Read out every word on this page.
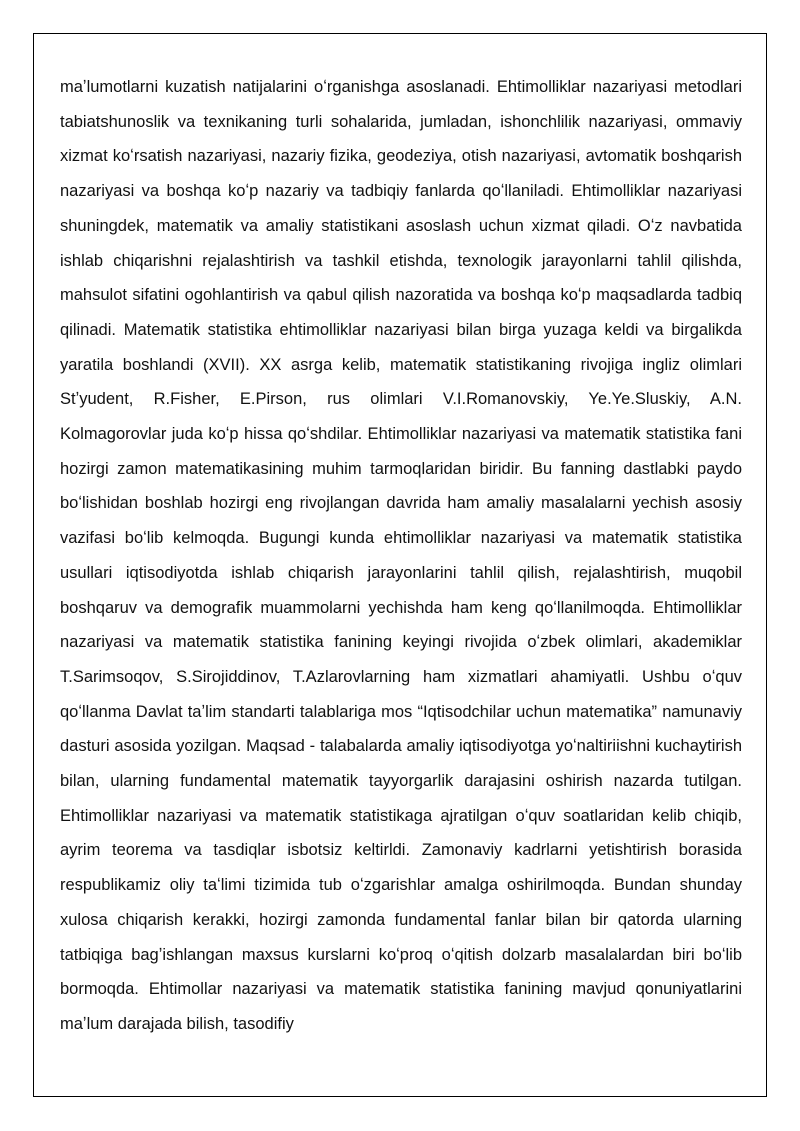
maʼlumotlarni kuzatish natijalarini oʻrganishga asoslanadi. Ehtimolliklar nazariyasi metodlari tabiatshunoslik va texnikaning turli sohalarida, jumladan, ishonchlilik nazariyasi, ommaviy xizmat koʻrsatish nazariyasi, nazariy fizika, geodeziya, otish nazariyasi, avtomatik boshqarish nazariyasi va boshqa koʻp nazariy va tadbiqiy fanlarda qoʻllaniladi. Ehtimolliklar nazariyasi shuningdek, matematik va amaliy statistikani asoslash uchun xizmat qiladi. Oʻz navbatida ishlab chiqarishni rejalashtirish va tashkil etishda, texnologik jarayonlarni tahlil qilishda, mahsulot sifatini ogohlantirish va qabul qilish nazoratida va boshqa koʻp maqsadlarda tadbiq qilinadi. Matematik statistika ehtimolliklar nazariyasi bilan birga yuzaga keldi va birgalikda yaratila boshlandi (XVII). XX asrga kelib, matematik statistikaning rivojiga ingliz olimlari Stʼyudent, R.Fisher, E.Pirson, rus olimlari V.I.Romanovskiy, Ye.Ye.Sluskiy, A.N. Kolmagorovlar juda koʻp hissa qoʻshdilar. Ehtimolliklar nazariyasi va matematik statistika fani hozirgi zamon matematikasining muhim tarmoqlaridan biridir. Bu fanning dastlabki paydo boʻlishidan boshlab hozirgi eng rivojlangan davrida ham amaliy masalalarni yechish asosiy vazifasi boʻlib kelmoqda. Bugungi kunda ehtimolliklar nazariyasi va matematik statistika usullari iqtisodiyotda ishlab chiqarish jarayonlarini tahlil qilish, rejalashtirish, muqobil boshqaruv va demografik muammolarni yechishda ham keng qoʻllanilmoqda. Ehtimolliklar nazariyasi va matematik statistika fanining keyingi rivojida oʻzbek olimlari, akademiklar T.Sarimsoqov, S.Sirojiddinov, T.Azlarovlarning ham xizmatlari ahamiyatli. Ushbu oʻquv qoʻllanma Davlat taʼlim standarti talablariga mos “Iqtisodchilar uchun matematika” namunaviy dasturi asosida yozilgan. Maqsad - talabalarda amaliy iqtisodiyotga yoʻnaltiriishni kuchaytirish bilan, ularning fundamental matematik tayyorgarlik darajasini oshirish nazarda tutilgan. Ehtimolliklar nazariyasi va matematik statistikaga ajratilgan oʻquv soatlaridan kelib chiqib, ayrim teorema va tasdiqlar isbotsiz keltirldi. Zamonaviy kadrlarni yetishtirish borasida respublikamiz oliy taʻlimi tizimida tub oʻzgarishlar amalga oshirilmoqda. Bundan shunday xulosa chiqarish kerakki, hozirgi zamonda fundamental fanlar bilan bir qatorda ularning tatbiqiga bagʼishlangan maxsus kurslarni koʻproq oʻqitish dolzarb masalalardan biri boʻlib bormoqda. Ehtimollar nazariyasi va matematik statistika fanining mavjud qonuniyatlarini maʼlum darajada bilish, tasodifiy
